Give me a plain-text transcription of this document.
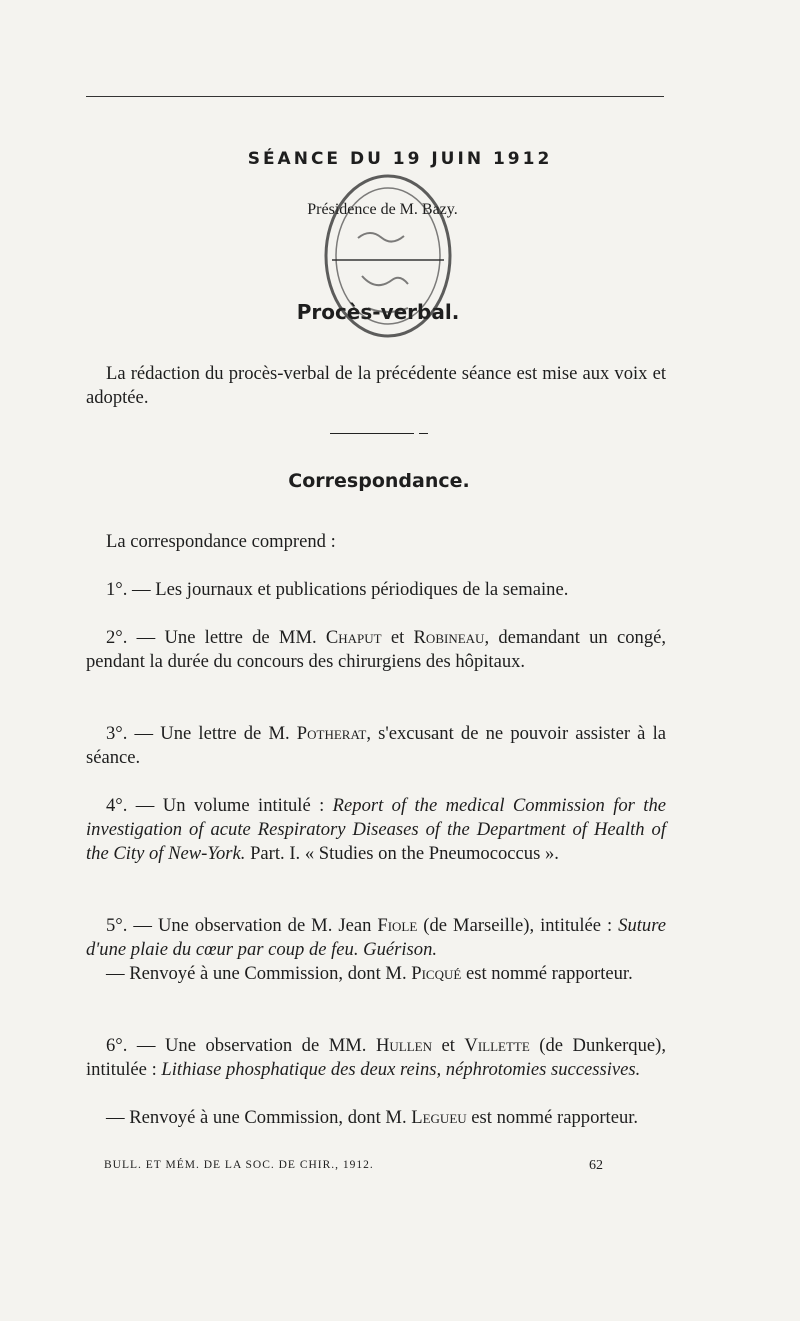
SÉANCE DU 19 JUIN 1912
Présidence de M. Bazy.
Procès-verbal.
La rédaction du procès-verbal de la précédente séance est mise aux voix et adoptée.
Correspondance.
La correspondance comprend :
1°. — Les journaux et publications périodiques de la semaine.
2°. — Une lettre de MM. Chaput et Robineau, demandant un congé, pendant la durée du concours des chirurgiens des hôpitaux.
3°. — Une lettre de M. Potherat, s'excusant de ne pouvoir assister à la séance.
4°. — Un volume intitulé : Report of the medical Commission for the investigation of acute Respiratory Diseases of the Department of Health of the City of New-York. Part. I. « Studies on the Pneumococcus ».
5°. — Une observation de M. Jean Fiole (de Marseille), intitulée : Suture d'une plaie du cœur par coup de feu. Guérison.
— Renvoyé à une Commission, dont M. Picqué est nommé rapporteur.
6°. — Une observation de MM. Hullen et Villette (de Dunkerque), intitulée : Lithiase phosphatique des deux reins, néphrotomies successives.
— Renvoyé à une Commission, dont M. Legueu est nommé rapporteur.
BULL. ET MÉM. DE LA SOC. DE CHIR., 1912.	62
